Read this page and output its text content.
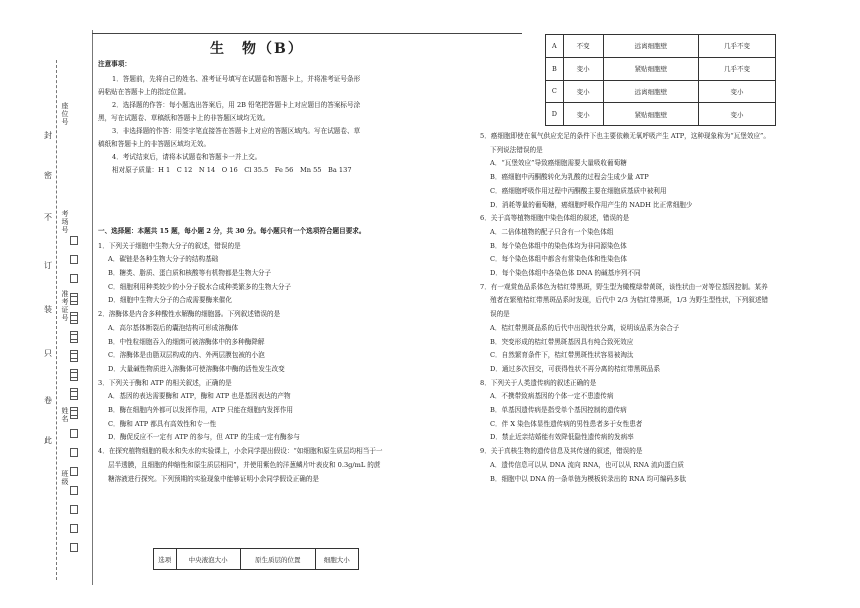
座位号
考场号
准考证号
姓名
班级
封
密
不
订
装
只
卷
此
生　物（B）

注意事项：

1．答题前，先将自己的姓名、准考证号填写在试题卷和答题卡上，并将准考证号条形

码粘贴在答题卡上的指定位置。

2．选择题的作答：每小题选出答案后，用 2B 铅笔把答题卡上对应题目的答案标号涂

黑，写在试题卷、草稿纸和答题卡上的非答题区域均无效。

3．非选择题的作答：用签字笔直接答在答题卡上对应的答题区域内。写在试题卷、草

稿纸和答题卡上的非答题区域均无效。

4．考试结束后，请将本试题卷和答题卡一并上交。

相对原子质量：H 1　C 12　N 14　O 16　Cl 35.5　Fe 56　Mn 55　Ba 137

一、选择题：本题共 15 题，每小题 2 分，共 30 分。每小题只有一个选项符合题目要求。

1．下列关于细胞中生物大分子的叙述，错误的是

A．碳链是各种生物大分子的结构基础

B．糖类、脂质、蛋白质和核酸等有机物都是生物大分子

C．细胞利用种类较少的小分子脱水合成种类繁多的生物大分子

D．细胞中生物大分子的合成需要酶来催化

2．溶酶体是内含多种酸性水解酶的细胞器。下列叙述错误的是

A．高尔基体断裂后的囊泡结构可形成溶酶体

B．中性粒细胞吞入的细菌可被溶酶体中的多种酶降解

C．溶酶体是由脂双层构成的内、外两层膜包被的小泡

D．大量碱性物质进入溶酶体可使溶酶体中酶的活性发生改变

3．下列关于酶和 ATP 的相关叙述，正确的是

A．基因的表达需要酶和 ATP，酶和 ATP 也是基因表达的产物

B．酶在细胞内外都可以发挥作用，ATP 只能在细胞内发挥作用

C．酶和 ATP 都具有高效性和专一性

D．酶促反应不一定有 ATP 的参与，但 ATP 的生成一定有酶参与

4．在探究植物细胞的吸水和失水的实验课上，小余同学提出假设：“如细胞和原生质层均相当于一

层半透膜，且细胞的伸缩性和原生质层相同”，并使用紫色的洋葱鳞片叶表皮和 0.3g/mL 的蔗

糖溶液进行探究。下列预期的实验现象中能够证明小余同学假设正确的是

选项	中央液泡大小	原生质层的位置	细胞大小
A	不变	远离细胞壁	几乎不变
B	变小	紧贴细胞壁	几乎不变
C	变小	远离细胞壁	变小
D	变小	紧贴细胞壁	变小

5．癌细胞即使在氧气供应充足的条件下也主要依赖无氧呼吸产生 ATP，这种现象称为“瓦堡效应”。

下列说法错误的是

A．“瓦堡效应”导致癌细胞需要大量吸收葡萄糖

B．癌细胞中丙酮酸转化为乳酸的过程会生成少量 ATP

C．癌细胞呼吸作用过程中丙酮酸主要在细胞质基质中被利用

D．消耗等量的葡萄糖，癌细胞呼吸作用产生的 NADH 比正常细胞少

6．关于高等植物细胞中染色体组的叙述，错误的是

A．二倍体植物的配子只含有一个染色体组

B．每个染色体组中的染色体均为非同源染色体

C．每个染色体组中都含有常染色体和性染色体

D．每个染色体组中各染色体 DNA 的碱基序列不同

7．有一观赏鱼品系体色为桔红带黑斑，野生型为橄榄绿带黄斑，该性状由一对等位基因控制。某养

殖者在繁殖桔红带黑斑品系时发现，后代中 2/3 为桔红带黑斑，1/3 为野生型性状，下列叙述错

误的是

A．桔红带黑斑品系的后代中出现性状分离，说明该品系为杂合子

B．突变形成的桔红带黑斑基因具有纯合致死效应

C．自然繁育条件下，桔红带黑斑性状容易被淘汰

D．通过多次回交，可获得性状不再分离的桔红带黑斑品系

8．下列关于人类遗传病的叙述正确的是

A．不携带致病基因的个体一定不患遗传病

B．单基因遗传病是指受单个基因控制的遗传病

C．伴 X 染色体显性遗传病的男性患者多于女性患者

D．禁止近亲结婚能有效降低隐性遗传病的发病率

9．关于真核生物的遗传信息及其传递的叙述，错误的是

A．遗传信息可以从 DNA 流向 RNA，也可以从 RNA 流向蛋白质

B．细胞中以 DNA 的一条单链为模板转录出的 RNA 均可编码多肽
